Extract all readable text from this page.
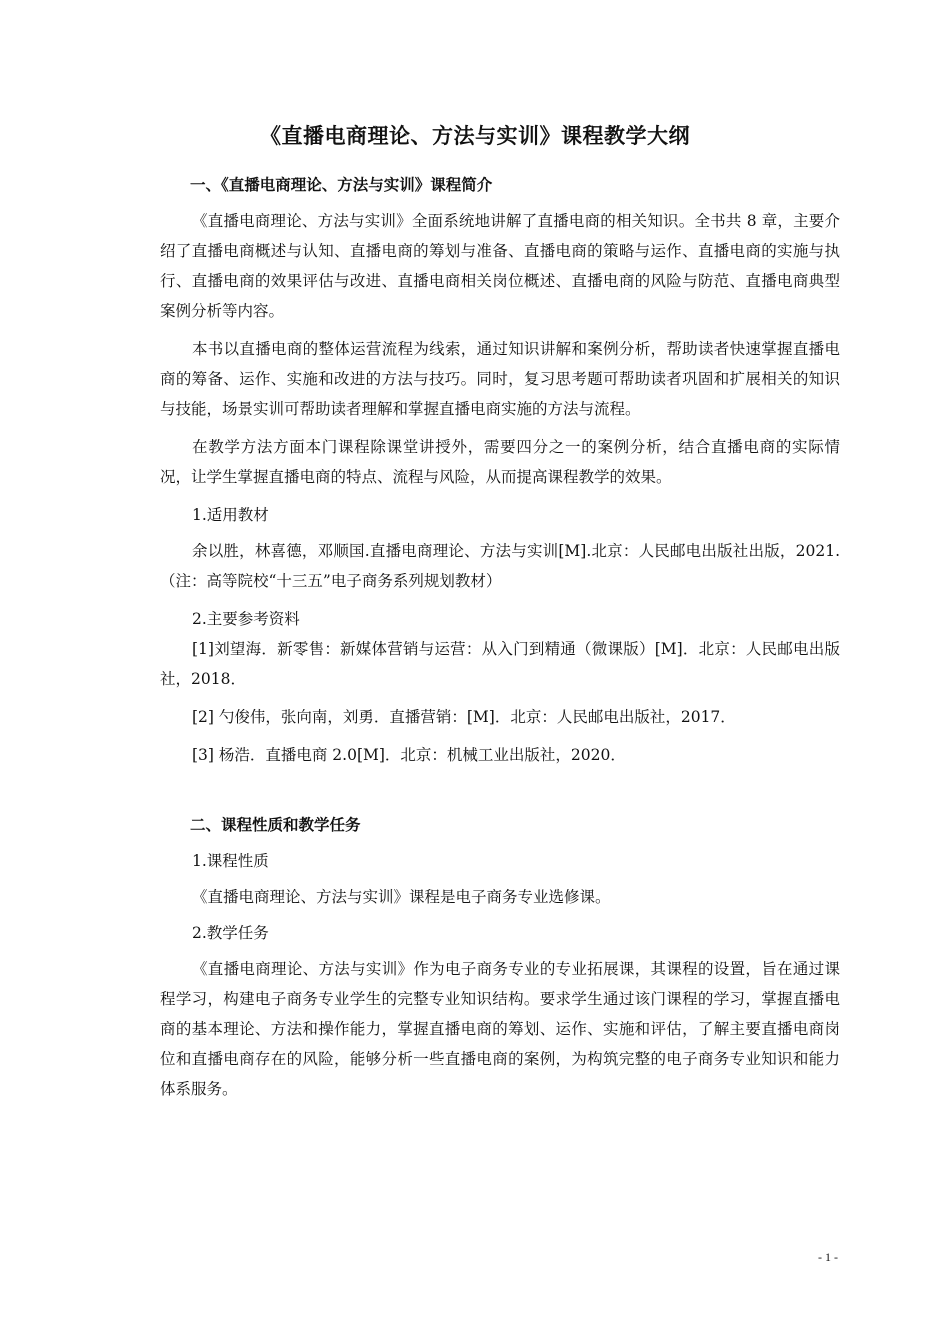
《直播电商理论、方法与实训》课程教学大纲

一、《直播电商理论、方法与实训》课程简介

《直播电商理论、方法与实训》全面系统地讲解了直播电商的相关知识。全书共 8 章，主要介绍了直播电商概述与认知、直播电商的筹划与准备、直播电商的策略与运作、直播电商的实施与执行、直播电商的效果评估与改进、直播电商相关岗位概述、直播电商的风险与防范、直播电商典型案例分析等内容。

本书以直播电商的整体运营流程为线索，通过知识讲解和案例分析，帮助读者快速掌握直播电商的筹备、运作、实施和改进的方法与技巧。同时，复习思考题可帮助读者巩固和扩展相关的知识与技能，场景实训可帮助读者理解和掌握直播电商实施的方法与流程。

在教学方法方面本门课程除课堂讲授外，需要四分之一的案例分析，结合直播电商的实际情况，让学生掌握直播电商的特点、流程与风险，从而提高课程教学的效果。

1.适用教材

余以胜，林喜德，邓顺国.直播电商理论、方法与实训[M].北京：人民邮电出版社出版，2021.（注：高等院校“十三五”电子商务系列规划教材）

2.主要参考资料

[1]刘望海．新零售：新媒体营销与运营：从入门到精通（微课版）[M]．北京：人民邮电出版社，2018．

[2] 勺俊伟，张向南，刘勇．直播营销：[M]．北京：人民邮电出版社，2017．

[3] 杨浩．直播电商 2.0[M]．北京：机械工业出版社，2020．

二、课程性质和教学任务

1.课程性质

《直播电商理论、方法与实训》课程是电子商务专业选修课。

2.教学任务

《直播电商理论、方法与实训》作为电子商务专业的专业拓展课，其课程的设置，旨在通过课程学习，构建电子商务专业学生的完整专业知识结构。要求学生通过该门课程的学习，掌握直播电商的基本理论、方法和操作能力，掌握直播电商的筹划、运作、实施和评估，了解主要直播电商岗位和直播电商存在的风险，能够分析一些直播电商的案例，为构筑完整的电子商务专业知识和能力体系服务。

- 1 -
